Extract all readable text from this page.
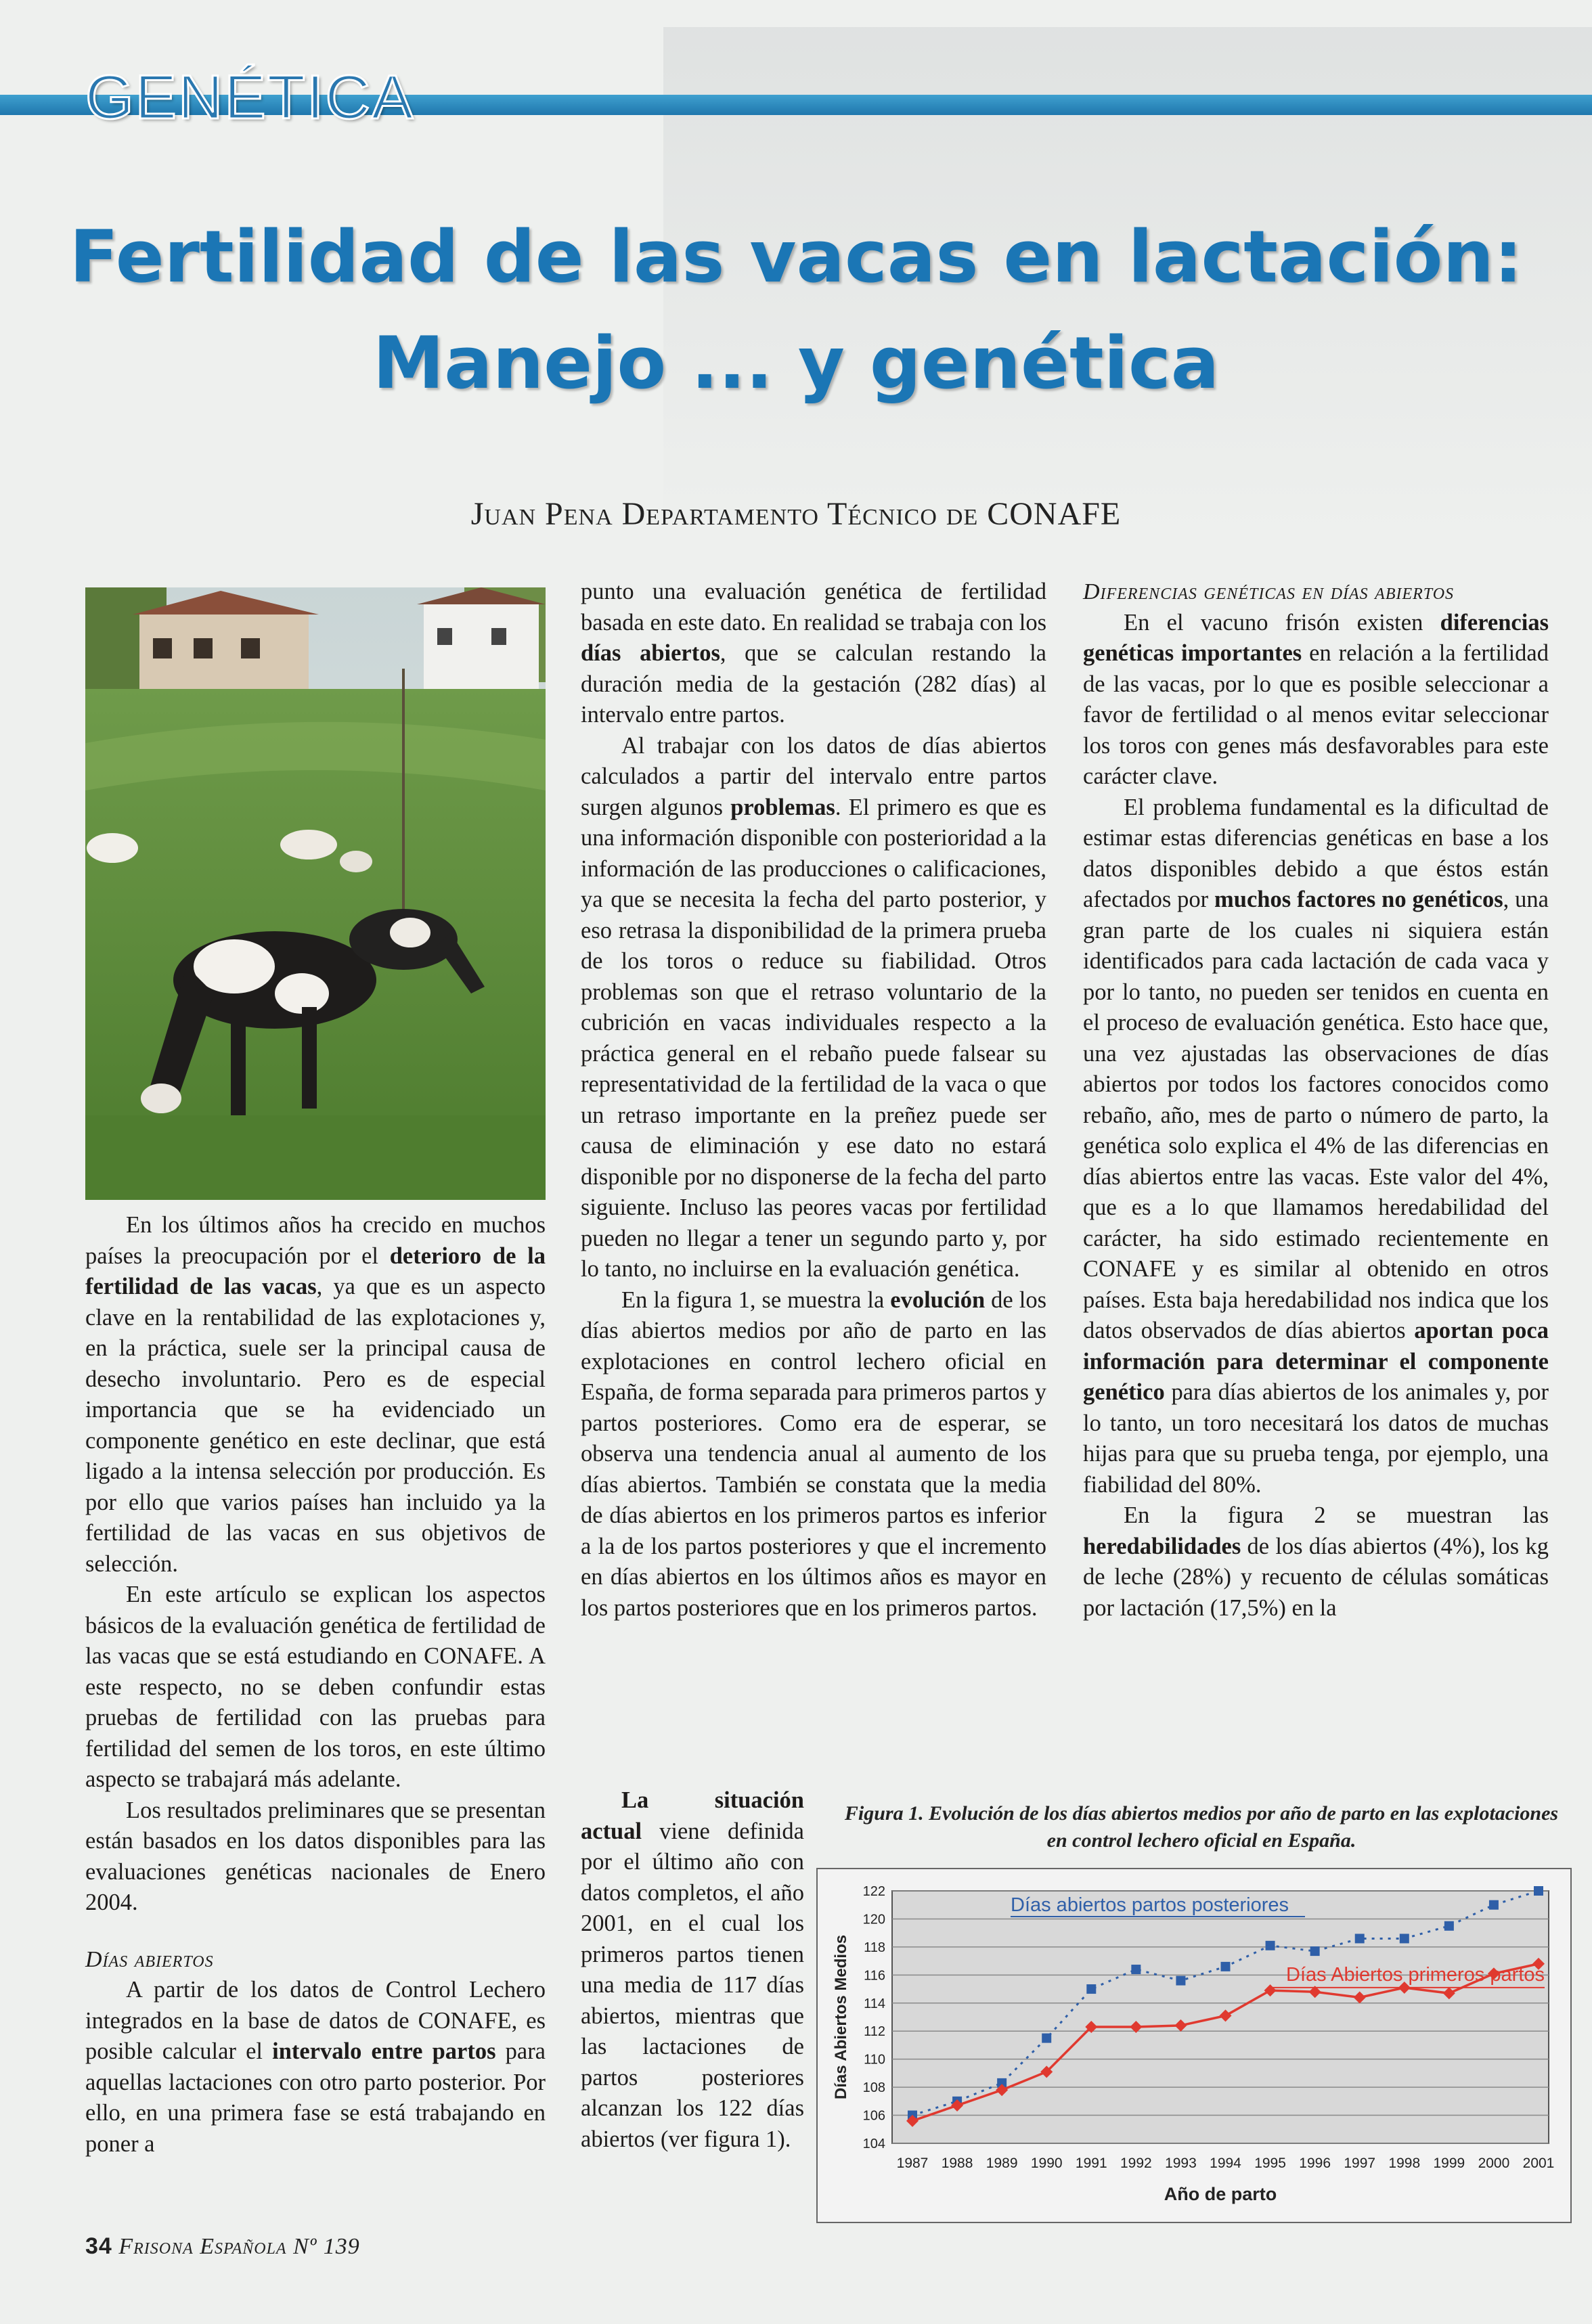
GENÉTICA
Fertilidad de las vacas en lactación:
Manejo ... y genética
Juan Pena Departamento Técnico de CONAFE

En los últimos años ha crecido en muchos países la preocupación por el deterioro de la fertilidad de las vacas, ya que es un aspecto clave en la rentabilidad de las explotaciones y, en la práctica, suele ser la principal causa de desecho involuntario. Pero es de especial importancia que se ha evidenciado un componente genético en este declinar, que está ligado a la intensa selección por producción. Es por ello que varios países han incluido ya la fertilidad de las vacas en sus objetivos de selección.

En este artículo se explican los aspectos básicos de la evaluación genética de fertilidad de las vacas que se está estudiando en CONAFE. A este respecto, no se deben confundir estas pruebas de fertilidad con las pruebas para fertilidad del semen de los toros, en este último aspecto se trabajará más adelante.

Los resultados preliminares que se presentan están basados en los datos disponibles para las evaluaciones genéticas nacionales de Enero 2004.

Días abiertos

A partir de los datos de Control Lechero integrados en la base de datos de CONAFE, es posible calcular el intervalo entre partos para aquellas lactaciones con otro parto posterior. Por ello, en una primera fase se está trabajando en poner a

punto una evaluación genética de fertilidad basada en este dato. En realidad se trabaja con los días abiertos, que se calculan restando la duración media de la gestación (282 días) al intervalo entre partos.

Al trabajar con los datos de días abiertos calculados a partir del intervalo entre partos surgen algunos problemas. El primero es que es una información disponible con posterioridad a la información de las producciones o calificaciones, ya que se necesita la fecha del parto posterior, y eso retrasa la disponibilidad de la primera prueba de los toros o reduce su fiabilidad. Otros problemas son que el retraso voluntario de la cubrición en vacas individuales respecto a la práctica general en el rebaño puede falsear su representatividad de la fertilidad de la vaca o que un retraso importante en la preñez puede ser causa de eliminación y ese dato no estará disponible por no disponerse de la fecha del parto siguiente. Incluso las peores vacas por fertilidad pueden no llegar a tener un segundo parto y, por lo tanto, no incluirse en la evaluación genética.

En la figura 1, se muestra la evolución de los días abiertos medios por año de parto en las explotaciones en control lechero oficial en España, de forma separada para primeros partos y partos posteriores. Como era de esperar, se observa una tendencia anual al aumento de los días abiertos. También se constata que la media de días abiertos en los primeros partos es inferior a la de los partos posteriores y que el incremento en días abiertos en los últimos años es mayor en los partos posteriores que en los primeros partos.

La situación actual viene definida por el último año con datos completos, el año 2001, en el cual los primeros partos tienen una media de 117 días abiertos, mientras que las lactaciones de partos posteriores alcanzan los 122 días abiertos (ver figura 1).

Diferencias genéticas en días abiertos

En el vacuno frisón existen diferencias genéticas importantes en relación a la fertilidad de las vacas, por lo que es posible seleccionar a favor de fertilidad o al menos evitar seleccionar los toros con genes más desfavorables para este carácter clave.

El problema fundamental es la dificultad de estimar estas diferencias genéticas en base a los datos disponibles debido a que éstos están afectados por muchos factores no genéticos, una gran parte de los cuales ni siquiera están identificados para cada lactación de cada vaca y por lo tanto, no pueden ser tenidos en cuenta en el proceso de evaluación genética. Esto hace que, una vez ajustadas las observaciones de días abiertos por todos los factores conocidos como rebaño, año, mes de parto o número de parto, la genética solo explica el 4% de las diferencias en días abiertos entre las vacas. Este valor del 4%, que es a lo que llamamos heredabilidad del carácter, ha sido estimado recientemente en CONAFE y es similar al obtenido en otros países. Esta baja heredabilidad nos indica que los datos observados de días abiertos aportan poca información para determinar el componente genético para días abiertos de los animales y, por lo tanto, un toro necesitará los datos de muchas hijas para que su prueba tenga, por ejemplo, una fiabilidad del 80%.

En la figura 2 se muestran las heredabilidades de los días abiertos (4%), los kg de leche (28%) y recuento de células somáticas por lactación (17,5%) en la

Figura 1. Evolución de los días abiertos medios por año de parto en las explotaciones en control lechero oficial en España.
104
106
108
110
112
114
116
118
120
122
1987 1988 1989 1990 1991 1992 1993 1994 1995 1996 1997 1998 1999 2000 2001
Año de parto
Días Abiertos Medios
Días abiertos partos posteriores
Días Abiertos primeros partos
34 Frisona Española Nº 139
